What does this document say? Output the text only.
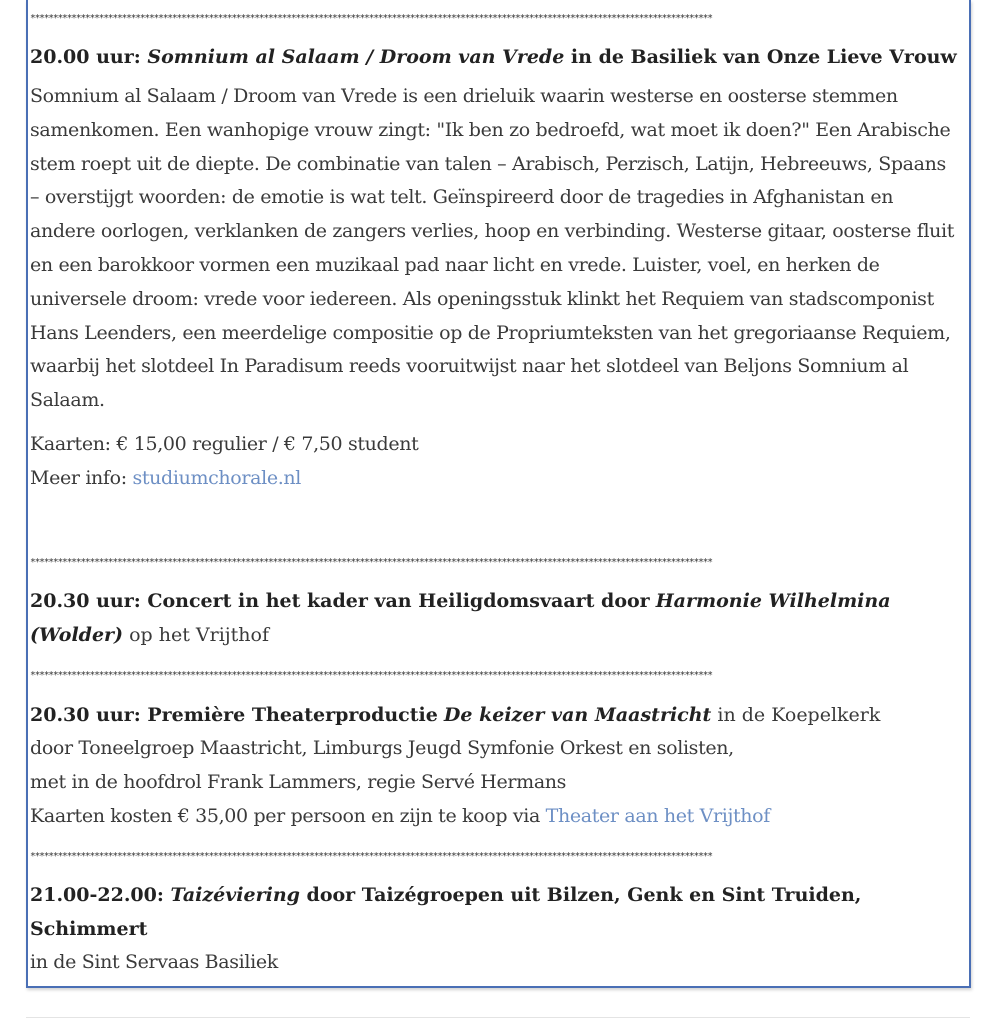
*****************************************************************************************************************************************************
20.00 uur: Somnium al Salaam / Droom van Vrede in de Basiliek van Onze Lieve Vrouw
Somnium al Salaam / Droom van Vrede is een drieluik waarin westerse en oosterse stemmen samenkomen. Een wanhopige vrouw zingt: "Ik ben zo bedroefd, wat moet ik doen?" Een Arabische stem roept uit de diepte. De combinatie van talen – Arabisch, Perzisch, Latijn, Hebreeuws, Spaans – overstijgt woorden: de emotie is wat telt. Geïnspireerd door de tragedies in Afghanistan en andere oorlogen, verklanken de zangers verlies, hoop en verbinding. Westerse gitaar, oosterse fluit en een barokkoor vormen een muzikaal pad naar licht en vrede. Luister, voel, en herken de universele droom: vrede voor iedereen. Als openingsstuk klinkt het Requiem van stadscomponist Hans Leenders, een meerdelige compositie op de Propriumteksten van het gregoriaanse Requiem, waarbij het slotdeel In Paradisum reeds vooruitwijst naar het slotdeel van Beljons Somnium al Salaam.
Kaarten: € 15,00 regulier / € 7,50 student
Meer info: studiumchorale.nl
*****************************************************************************************************************************************************
20.30 uur: Concert in het kader van Heiligdomsvaart door Harmonie Wilhelmina (Wolder) op het Vrijthof
*****************************************************************************************************************************************************
20.30 uur: Première Theaterproductie De keizer van Maastricht in de Koepelkerk
door Toneelgroep Maastricht, Limburgs Jeugd Symfonie Orkest en solisten,
met in de hoofdrol Frank Lammers, regie Servé Hermans
Kaarten kosten € 35,00 per persoon en zijn te koop via Theater aan het Vrijthof
*****************************************************************************************************************************************************
21.00-22.00: Taizéviering door Taizégroepen uit Bilzen, Genk en Sint Truiden, Schimmert
in de Sint Servaas Basiliek
